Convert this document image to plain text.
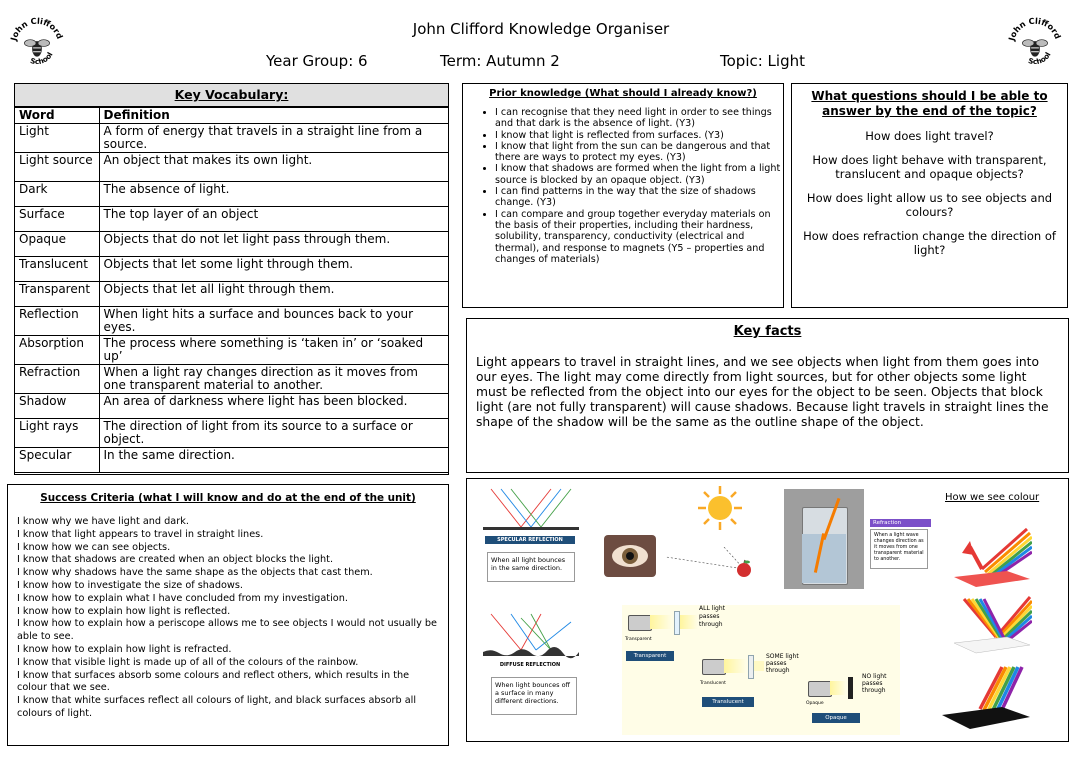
John Clifford Knowledge Organiser
Year Group: 6	Term: Autumn 2	Topic: Light
John Clifford
School
John Clifford
School
Key Vocabulary:
Word	Definition
Light	A form of energy that travels in a straight line from a source.
Light source	An object that makes its own light.
Dark	The absence of light.
Surface	The top layer of an object
Opaque	Objects that do not let light pass through them.
Translucent	Objects that let some light through them.
Transparent	Objects that let all light through them.
Reflection	When light hits a surface and bounces back to your eyes.
Absorption	The process where something is ‘taken in’ or ‘soaked up’
Refraction	When a light ray changes direction as it moves from one transparent material to another.
Shadow	An area of darkness where light has been blocked.
Light rays	The direction of light from its source to a surface or object.
Specular	In the same direction.
Prior knowledge (What should I already know?)
• I can recognise that they need light in order to see things and that dark is the absence of light. (Y3)
• I know that light is reflected from surfaces. (Y3)
• I know that light from the sun can be dangerous and that there are ways to protect my eyes. (Y3)
• I know that shadows are formed when the light from a light source is blocked by an opaque object. (Y3)
• I can find patterns in the way that the size of shadows change. (Y3)
• I can compare and group together everyday materials on the basis of their properties, including their hardness, solubility, transparency, conductivity (electrical and thermal), and response to magnets (Y5 – properties and changes of materials)
What questions should I be able to answer by the end of the topic?
How does light travel?
How does light behave with transparent, translucent and opaque objects?
How does light allow us to see objects and colours?
How does refraction change the direction of light?
Key facts
Light appears to travel in straight lines, and we see objects when light from them goes into our eyes. The light may come directly from light sources, but for other objects some light must be reflected from the object into our eyes for the object to be seen. Objects that block light (are not fully transparent) will cause shadows. Because light travels in straight lines the shape of the shadow will be the same as the outline shape of the object.
Success Criteria (what I will know and do at the end of the unit)
I know why we have light and dark.
I know that light appears to travel in straight lines.
I know how we can see objects.
I know that shadows are created when an object blocks the light.
I know why shadows have the same shape as the objects that cast them.
I know how to investigate the size of shadows.
I know how to explain what I have concluded from my investigation.
I know how to explain how light is reflected.
I know how to explain how a periscope allows me to see objects I would not usually be able to see.
I know how to explain how light is refracted.
I know that visible light is made up of all of the colours of the rainbow.
I know that surfaces absorb some colours and reflect others, which results in the colour that we see.
I know that white surfaces reflect all colours of light, and black surfaces absorb all colours of light.
SPECULAR REFLECTION
When all light bounces in the same direction.
Refraction
When a light wave changes direction as it moves from one transparent material to another.
How we see colour
DIFFUSE REFLECTION
When light bounces off a surface in many different directions.
Transparent
ALL light passes through
Transparent
Translucent
SOME light passes through
Translucent	Opaque
NO light passes through
Opaque
